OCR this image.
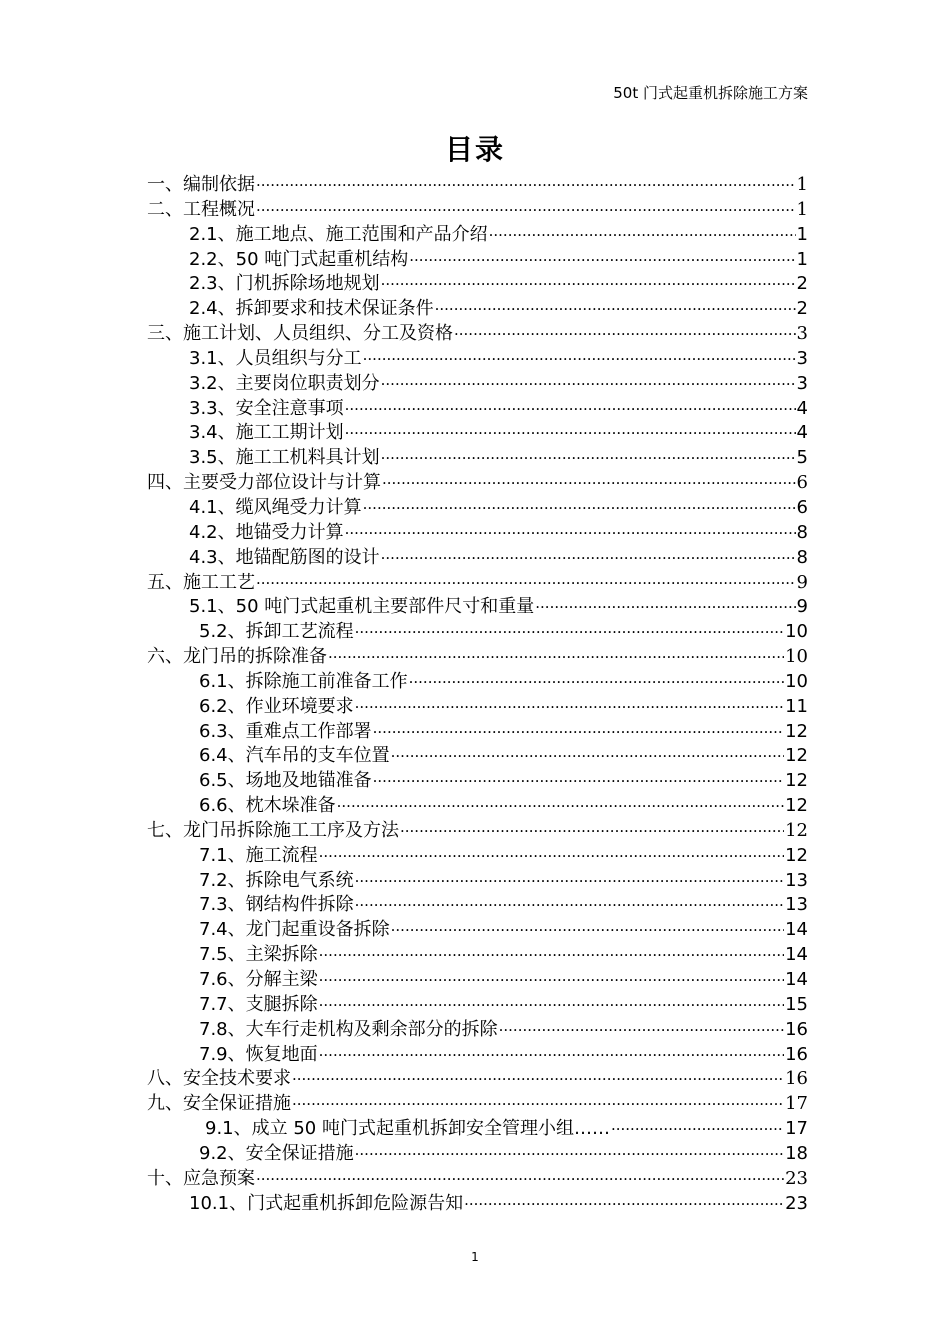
50t 门式起重机拆除施工方案
目录
一、编制依据 ·····	1
二、工程概况 ·····	1
2.1、施工地点、施工范围和产品介绍 ·····	1
2.2、50 吨门式起重机结构 ·····	1
2.3、门机拆除场地规划 ·····	2
2.4、拆卸要求和技术保证条件 ·····	2
三、施工计划、人员组织、分工及资格 ·····	3
3.1、人员组织与分工 ·····	3
3.2、主要岗位职责划分 ·····	3
3.3、安全注意事项 ·····	4
3.4、施工工期计划 ·····	4
3.5、施工工机料具计划 ·····	5
四、主要受力部位设计与计算 ·····	6
4.1、缆风绳受力计算 ·····	6
4.2、地锚受力计算 ·····	8
4.3、地锚配筋图的设计 ·····	8
五、施工工艺 ·····	9
5.1、50 吨门式起重机主要部件尺寸和重量 ·····	9
5.2、拆卸工艺流程 ·····	10
六、龙门吊的拆除准备 ·····	10
6.1、拆除施工前准备工作 ·····	10
6.2、作业环境要求 ·····	11
6.3、重难点工作部署 ·····	12
6.4、汽车吊的支车位置 ·····	12
6.5、场地及地锚准备 ·····	12
6.6、枕木垛准备 ·····	12
七、龙门吊拆除施工工序及方法 ·····	12
7.1、施工流程 ·····	12
7.2、拆除电气系统 ·····	13
7.3、钢结构件拆除 ·····	13
7.4、龙门起重设备拆除 ·····	14
7.5、主梁拆除 ·····	14
7.6、分解主梁 ·····	14
7.7、支腿拆除 ·····	15
7.8、大车行走机构及剩余部分的拆除 ·····	16
7.9、恢复地面 ·····	16
八、安全技术要求 ·····	16
九、安全保证措施 ·····	17
9.1、成立 50 吨门式起重机拆卸安全管理小组…… ·····	17
9.2、安全保证措施 ·····	18
十、应急预案 ·····	23
10.1、门式起重机拆卸危险源告知 ·····	23
1
